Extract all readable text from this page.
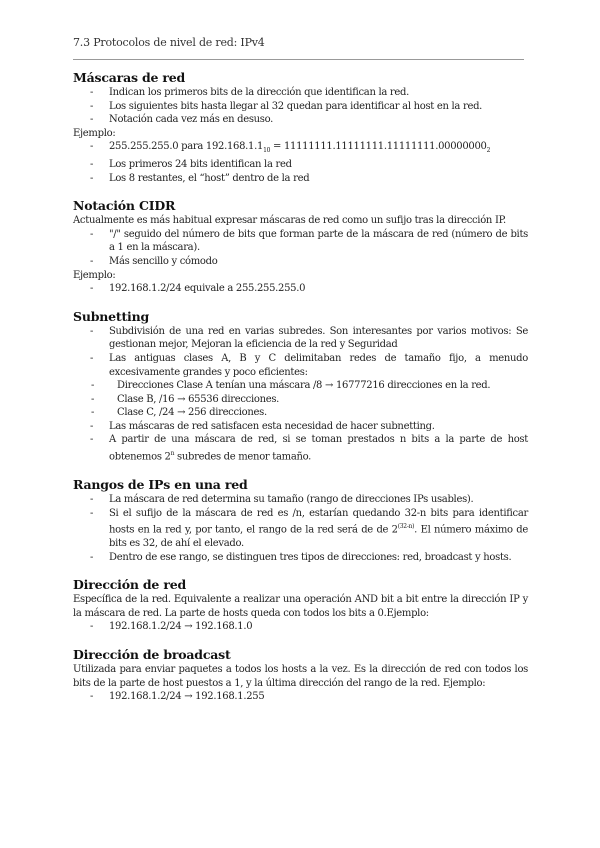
7.3 Protocolos de nivel de red: IPv4
Máscaras de red
- Indican los primeros bits de la dirección que identifican la red.
- Los siguientes bits hasta llegar al 32 quedan para identificar al host en la red.
- Notación cada vez más en desuso.

Ejemplo:

- 255.255.255.0 para $192.168.1.1_{10} = 11111111.11111111.11111111.00000000_2$
- Los primeros 24 bits identifican la red
- Los 8 restantes, el “host” dentro de la red
Notación CIDR

Actualmente es más habitual expresar máscaras de red como un sufijo tras la dirección IP.

- "/" seguido del número de bits que forman parte de la máscara de red (número de bits a 1 en la máscara).
- Más sencillo y cómodo

Ejemplo:

- 192.168.1.2/24 equivale a 255.255.255.0
Subnetting
- Subdivisión de una red en varias subredes. Son interesantes por varios motivos: Se gestionan mejor, Mejoran la eficiencia de la red y Seguridad
- Las antiguas clases A, B y C delimitaban redes de tamaño fijo, a menudo excesivamente grandes y poco eficientes:
- Direcciones Clase A tenían una máscara /8 → 16777216 direcciones en la red.
- Clase B, /16 → 65536 direcciones.
- Clase C, /24 → 256 direcciones.
- Las máscaras de red satisfacen esta necesidad de hacer subnetting.
- A partir de una máscara de red, si se toman prestados n bits a la parte de host obtenemos 2$^n$ subredes de menor tamaño.
Rangos de IPs en una red
- La máscara de red determina su tamaño (rango de direcciones IPs usables).
- Si el sufijo de la máscara de red es /n, estarían quedando 32-n bits para identificar hosts en la red y, por tanto, el rango de la red será de de 2$^{(32-n)}$. El número máximo de bits es 32, de ahí el elevado.
- Dentro de ese rango, se distinguen tres tipos de direcciones: red, broadcast y hosts.
Dirección de red

Específica de la red. Equivalente a realizar una operación AND bit a bit entre la dirección IP y la máscara de red. La parte de hosts queda con todos los bits a 0.Ejemplo:

- 192.168.1.2/24 → 192.168.1.0
Dirección de broadcast

Utilizada para enviar paquetes a todos los hosts a la vez. Es la dirección de red con todos los bits de la parte de host puestos a 1, y la última dirección del rango de la red. Ejemplo:

- 192.168.1.2/24 → 192.168.1.255
